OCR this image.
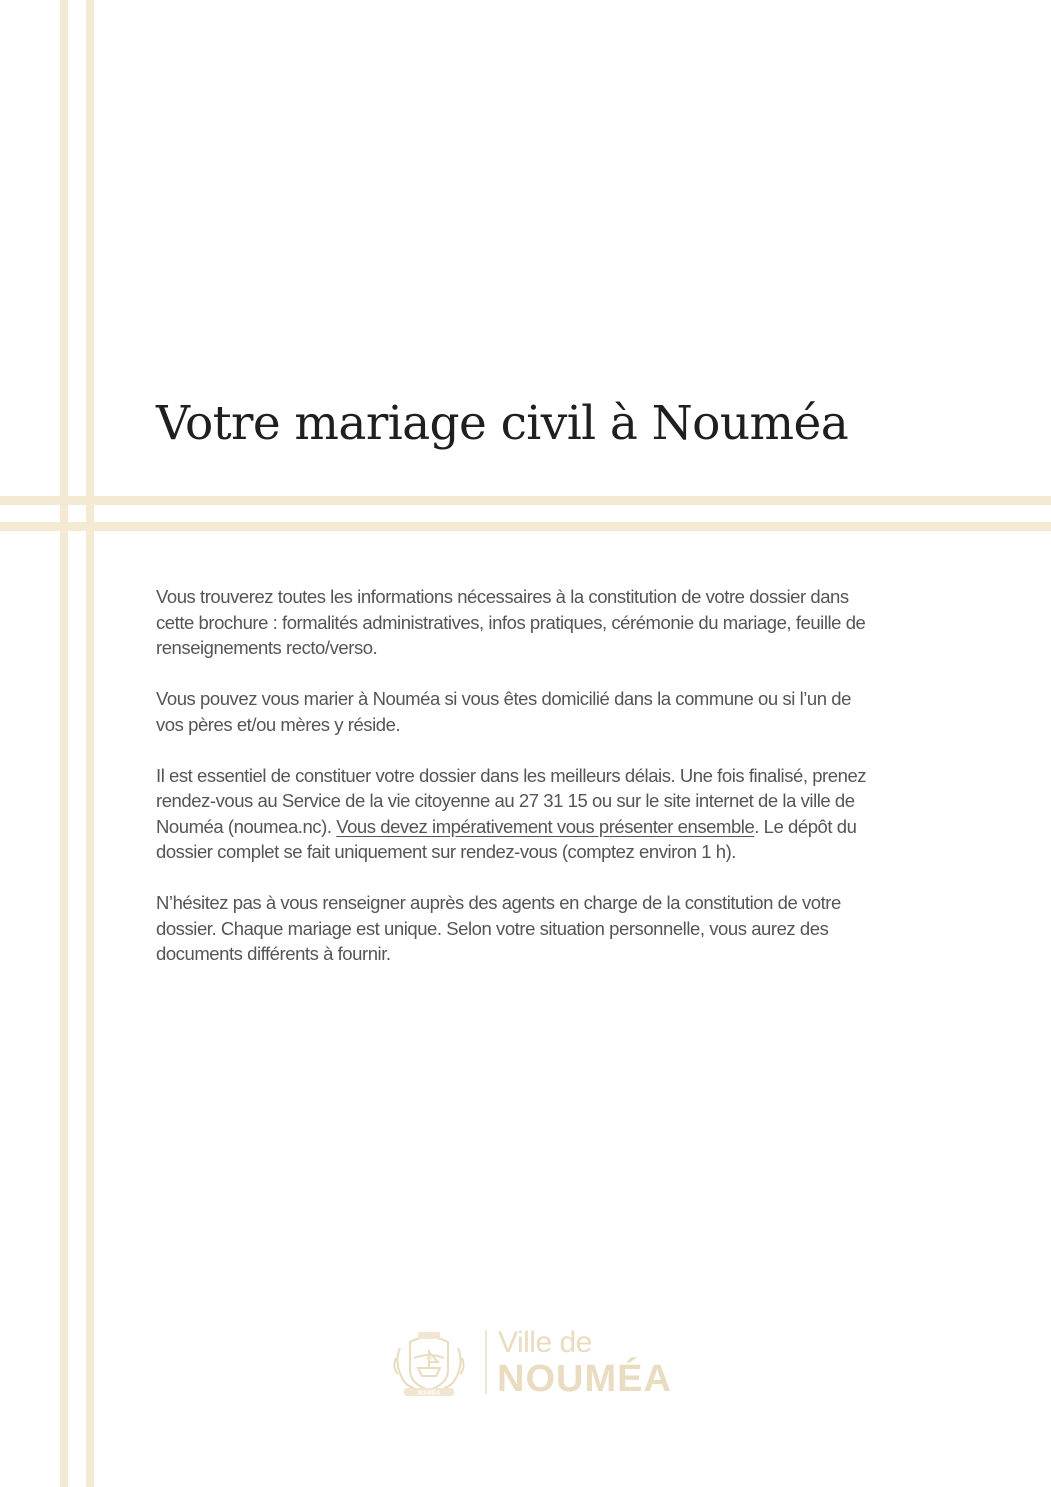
Votre mariage civil à Nouméa

Vous trouverez toutes les informations nécessaires à la constitution de votre dossier dans cette brochure : formalités administratives, infos pratiques, cérémonie du mariage, feuille de renseignements recto/verso.

Vous pouvez vous marier à Nouméa si vous êtes domicilié dans la commune ou si l’un de vos pères et/ou mères y réside.

Il est essentiel de constituer votre dossier dans les meilleurs délais. Une fois finalisé, prenez rendez-vous au Service de la vie citoyenne au 27 31 15 ou sur le site internet de la ville de Nouméa (noumea.nc). Vous devez impérativement vous présenter ensemble. Le dépôt du dossier complet se fait uniquement sur rendez-vous (comptez environ 1 h).

N’hésitez pas à vous renseigner auprès des agents en charge de la constitution de votre dossier. Chaque mariage est unique. Selon votre situation personnelle, vous aurez des documents différents à fournir.

NOUMÉA
Ville de
NOUMÉA
